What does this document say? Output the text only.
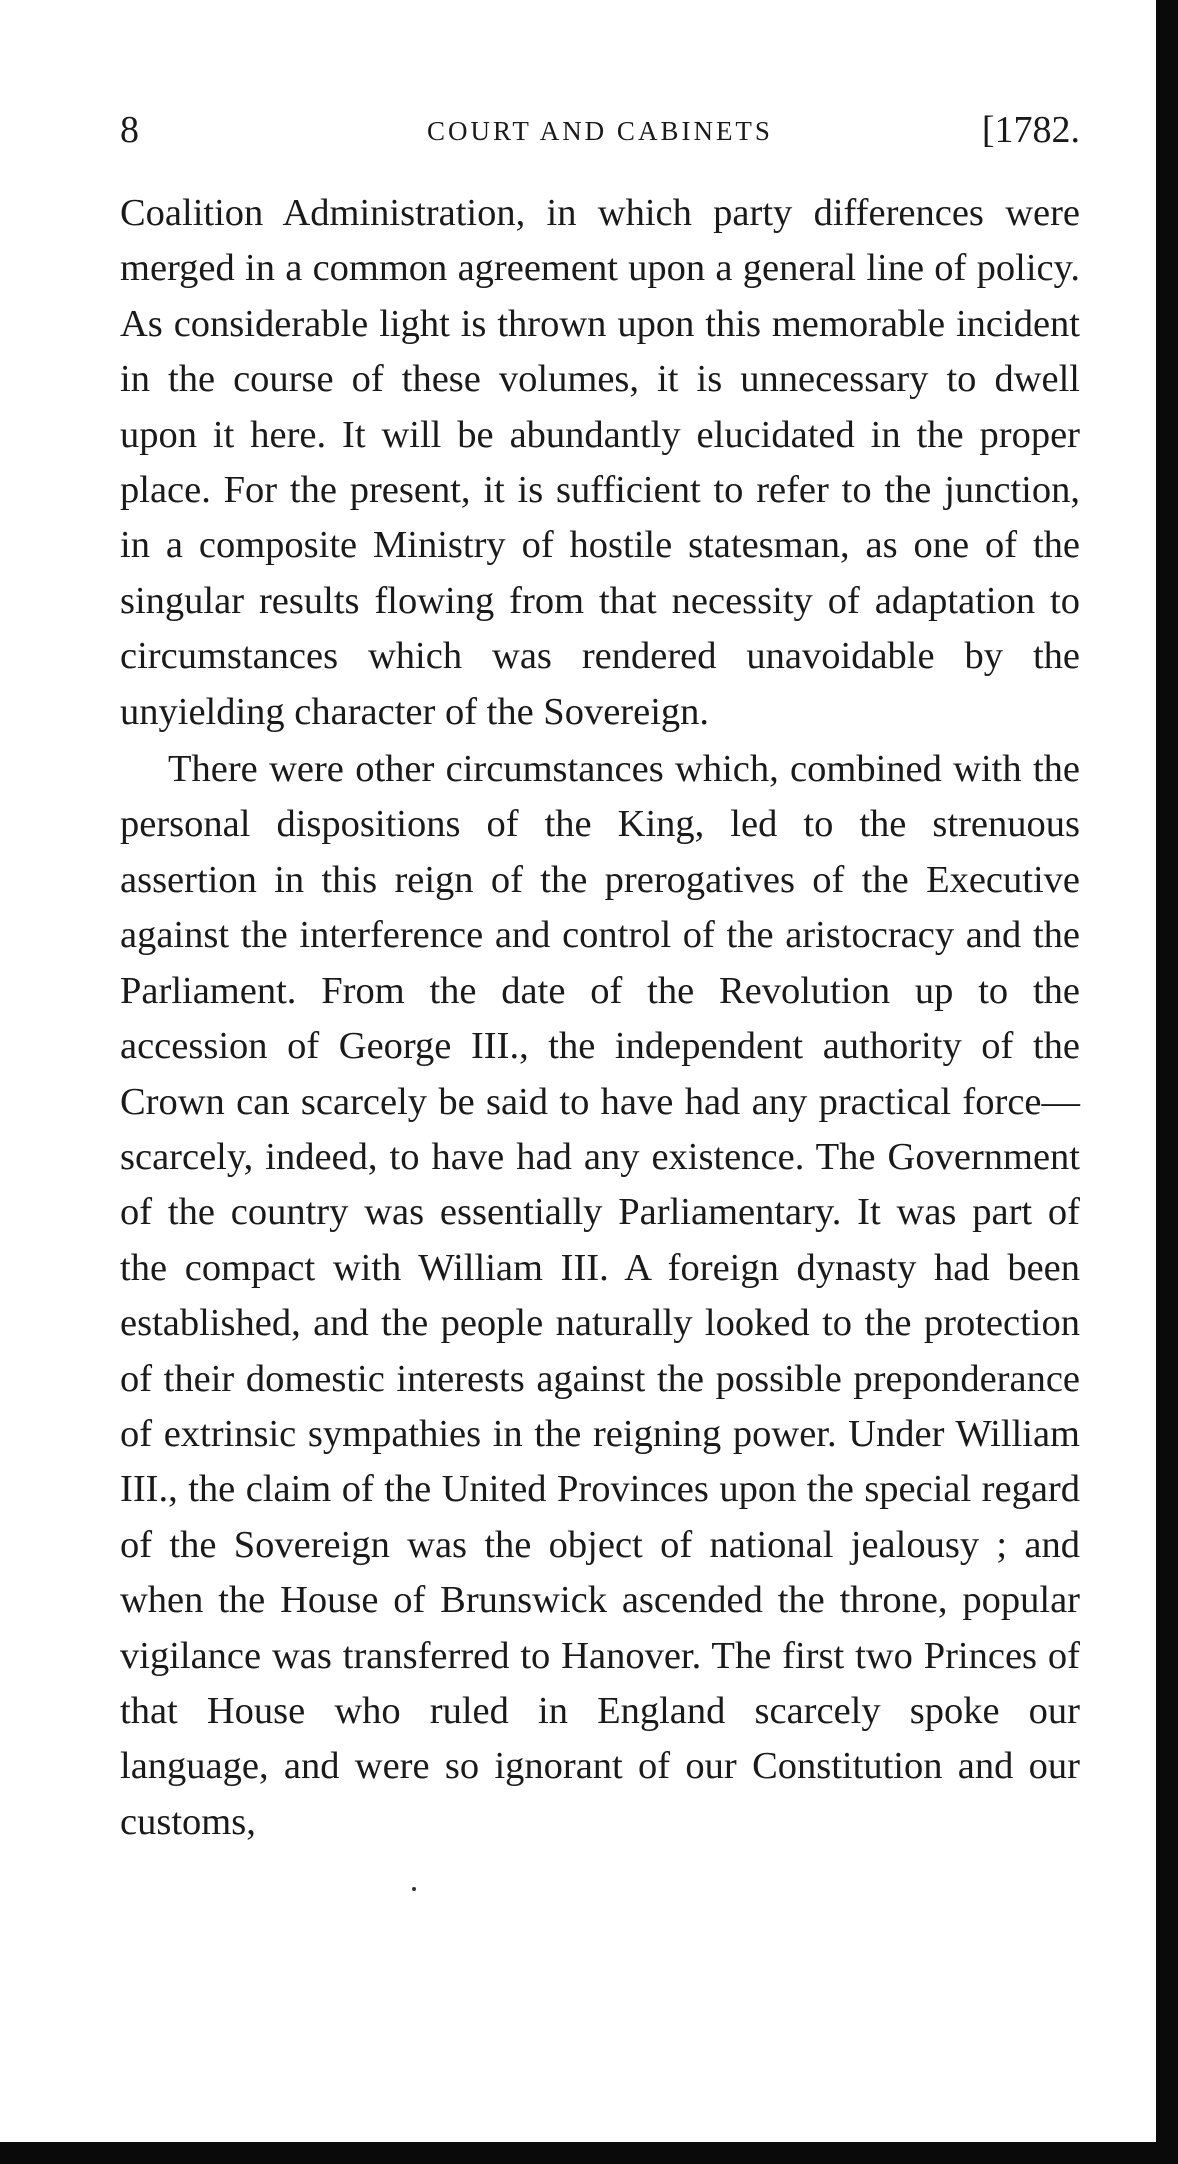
8	COURT AND CABINETS	[1782.

Coalition Administration, in which party differences were merged in a common agreement upon a general line of policy. As considerable light is thrown upon this memorable incident in the course of these volumes, it is unnecessary to dwell upon it here. It will be abundantly elucidated in the proper place. For the present, it is sufficient to refer to the junction, in a composite Ministry of hostile statesman, as one of the singular results flowing from that necessity of adaptation to circumstances which was rendered unavoidable by the unyielding character of the Sovereign.

There were other circumstances which, combined with the personal dispositions of the King, led to the strenuous assertion in this reign of the prerogatives of the Executive against the interference and control of the aristocracy and the Parliament. From the date of the Revolution up to the accession of George III., the independent authority of the Crown can scarcely be said to have had any practical force—scarcely, indeed, to have had any existence. The Government of the country was essentially Parliamentary. It was part of the compact with William III. A foreign dynasty had been established, and the people naturally looked to the protection of their domestic interests against the possible preponderance of extrinsic sympathies in the reigning power. Under William III., the claim of the United Provinces upon the special regard of the Sovereign was the object of national jealousy ; and when the House of Brunswick ascended the throne, popular vigilance was transferred to Hanover. The first two Princes of that House who ruled in England scarcely spoke our language, and were so ignorant of our Constitution and our customs,
